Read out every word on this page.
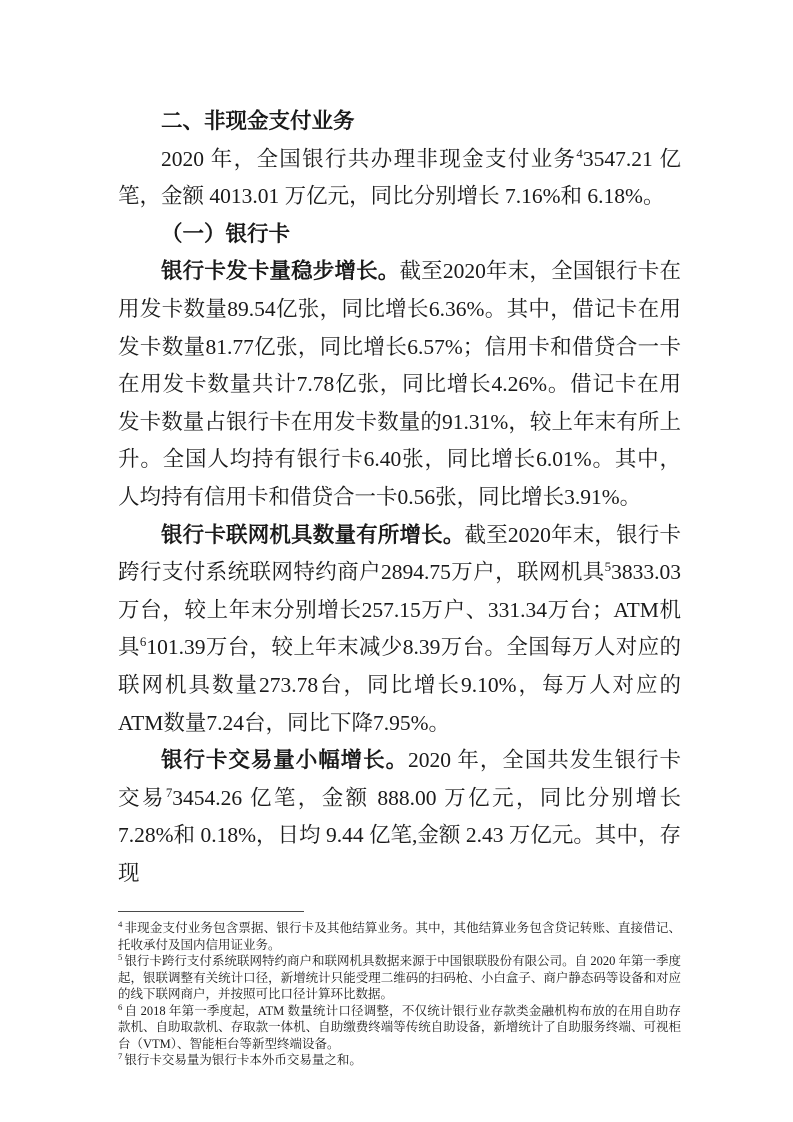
二、非现金支付业务

2020 年，全国银行共办理非现金支付业务$^4$3547.21 亿笔，金额 4013.01 万亿元，同比分别增长 7.16%和 6.18%。

（一）银行卡

银行卡发卡量稳步增长。截至2020年末，全国银行卡在用发卡数量89.54亿张，同比增长6.36%。其中，借记卡在用发卡数量81.77亿张，同比增长6.57%；信用卡和借贷合一卡在用发卡数量共计7.78亿张，同比增长4.26%。借记卡在用发卡数量占银行卡在用发卡数量的91.31%，较上年末有所上升。全国人均持有银行卡6.40张，同比增长6.01%。其中，人均持有信用卡和借贷合一卡0.56张，同比增长3.91%。

银行卡联网机具数量有所增长。截至2020年末，银行卡跨行支付系统联网特约商户2894.75万户，联网机具$^5$3833.03万台，较上年末分别增长257.15万户、331.34万台；ATM机具$^6$101.39万台，较上年末减少8.39万台。全国每万人对应的联网机具数量273.78台，同比增长9.10%，每万人对应的ATM数量7.24台，同比下降7.95%。

银行卡交易量小幅增长。2020 年，全国共发生银行卡交易$^7$3454.26 亿笔，金额 888.00 万亿元，同比分别增长 7.28%和 0.18%，日均 9.44 亿笔,金额 2.43 万亿元。其中，存现

$^4$ 非现金支付业务包含票据、银行卡及其他结算业务。其中，其他结算业务包含贷记转账、直接借记、托收承付及国内信用证业务。

$^5$ 银行卡跨行支付系统联网特约商户和联网机具数据来源于中国银联股份有限公司。自 2020 年第一季度起，银联调整有关统计口径，新增统计只能受理二维码的扫码枪、小白盒子、商户静态码等设备和对应的线下联网商户，并按照可比口径计算环比数据。

$^6$ 自 2018 年第一季度起，ATM 数量统计口径调整，不仅统计银行业存款类金融机构布放的在用自助存款机、自助取款机、存取款一体机、自助缴费终端等传统自助设备，新增统计了自助服务终端、可视柜台（VTM）、智能柜台等新型终端设备。

$^7$ 银行卡交易量为银行卡本外币交易量之和。
